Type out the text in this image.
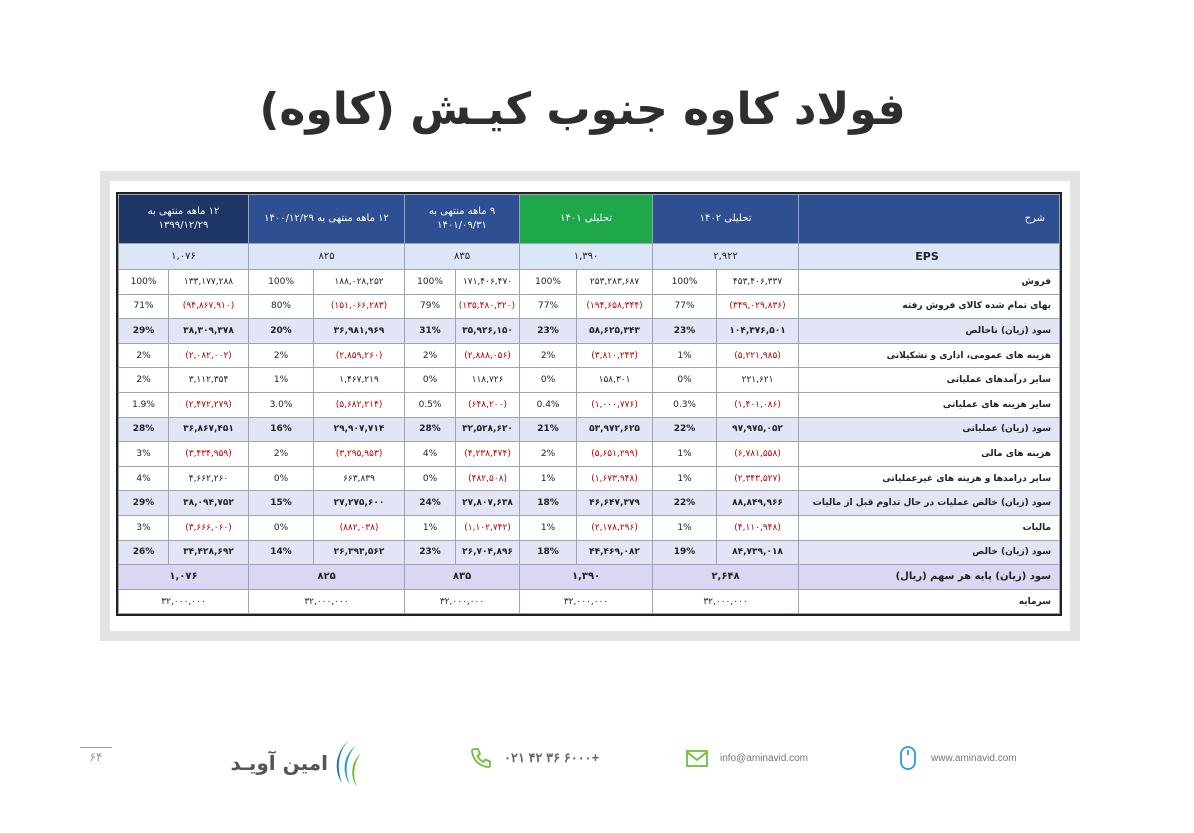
فولاد کاوه جنوب کیـش (کاوه)
شرح	تحلیلی ۱۴۰۲		تحلیلی ۱۴۰۱		۹ ماهه منتهی به ۱۴۰۱/۰۹/۳۱		۱۲ ماهه منتهی به ۱۴۰۰/۱۲/۲۹		۱۲ ماهه منتهی به ۱۳۹۹/۱۲/۲۹	
EPS	۲,۹۲۲		۱,۳۹۰		۸۳۵		۸۲۵		۱,۰۷۶	
فروش	۴۵۳,۴۰۶,۳۳۷	100%	۲۵۳,۲۸۳,۶۸۷	100%	۱۷۱,۴۰۶,۴۷۰	100%	۱۸۸,۰۲۸,۲۵۲	100%	۱۳۳,۱۷۷,۲۸۸	100%
بهای تمام شده کالای فروش رفته	(۳۴۹,۰۲۹,۸۳۶)	77%	(۱۹۴,۶۵۸,۳۴۴)	77%	(۱۳۵,۴۸۰,۳۲۰)	79%	(۱۵۱,۰۶۶,۲۸۳)	80%	(۹۴,۸۶۷,۹۱۰)	71%
سود (زیان) ناخالص	۱۰۴,۳۷۶,۵۰۱	23%	۵۸,۶۲۵,۳۴۳	23%	۳۵,۹۲۶,۱۵۰	31%	۳۶,۹۸۱,۹۶۹	20%	۳۸,۳۰۹,۳۷۸	29%
هزینه های عمومی، اداری و تشکیلاتی	(۵,۲۲۱,۹۸۵)	1%	(۳,۸۱۰,۲۴۳)	2%	(۲,۸۸۸,۰۵۶)	2%	(۲,۸۵۹,۲۶۰)	2%	(۲,۰۸۲,۰۰۲)	2%
سایر درآمدهای عملیاتی	۲۲۱,۶۲۱	0%	۱۵۸,۳۰۱	0%	۱۱۸,۷۲۶	0%	۱,۴۶۷,۲۱۹	1%	۳,۱۱۲,۳۵۴	2%
سایر هزینه های عملیاتی	(۱,۴۰۱,۰۸۶)	0.3%	(۱,۰۰۰,۷۷۶)	0.4%	(۶۴۸,۲۰۰)	0.5%	(۵,۶۸۲,۲۱۴)	3.0%	(۲,۴۷۲,۲۷۹)	1.9%
سود (زیان) عملیاتی	۹۷,۹۷۵,۰۵۲	22%	۵۳,۹۷۲,۶۲۵	21%	۳۲,۵۲۸,۶۲۰	28%	۲۹,۹۰۷,۷۱۴	16%	۳۶,۸۶۷,۴۵۱	28%
هزینه های مالی	(۶,۷۸۱,۵۵۸)	1%	(۵,۶۵۱,۲۹۹)	2%	(۴,۲۳۸,۴۷۴)	4%	(۳,۲۹۵,۹۵۳)	2%	(۳,۴۳۴,۹۵۹)	3%
سایر درامدها و هزینه های غیرعملیاتی	(۲,۳۴۳,۵۲۷)	1%	(۱,۶۷۳,۹۴۸)	1%	(۴۸۲,۵۰۸)	0%	۶۶۳,۸۳۹	0%	۴,۶۶۲,۲۶۰	4%
سود (زیان) خالص عملیات در حال تداوم قبل از مالیات	۸۸,۸۴۹,۹۶۶	22%	۴۶,۶۴۷,۳۷۹	18%	۲۷,۸۰۷,۶۳۸	24%	۲۷,۲۷۵,۶۰۰	15%	۳۸,۰۹۴,۷۵۲	29%
مالیات	(۴,۱۱۰,۹۴۸)	1%	(۲,۱۷۸,۲۹۶)	1%	(۱,۱۰۲,۷۴۲)	1%	(۸۸۲,۰۳۸)	0%	(۳,۶۶۶,۰۶۰)	3%
سود (زیان) خالص	۸۴,۷۳۹,۰۱۸	19%	۴۴,۴۶۹,۰۸۲	18%	۲۶,۷۰۴,۸۹۶	23%	۲۶,۳۹۳,۵۶۲	14%	۳۴,۴۲۸,۶۹۲	26%
سود (زیان) پایه هر سهم (ریال)	۲,۶۴۸		۱,۳۹۰		۸۳۵		۸۲۵		۱,۰۷۶	
سرمایه	۳۲,۰۰۰,۰۰۰		۳۲,۰۰۰,۰۰۰		۳۲,۰۰۰,۰۰۰		۳۲,۰۰۰,۰۰۰		۳۲,۰۰۰,۰۰۰	
۶۴	امین آویـد	۰۲۱ ۴۲ ۳۶ ۶۰۰۰+	info@aminavid.com	www.aminavid.com
